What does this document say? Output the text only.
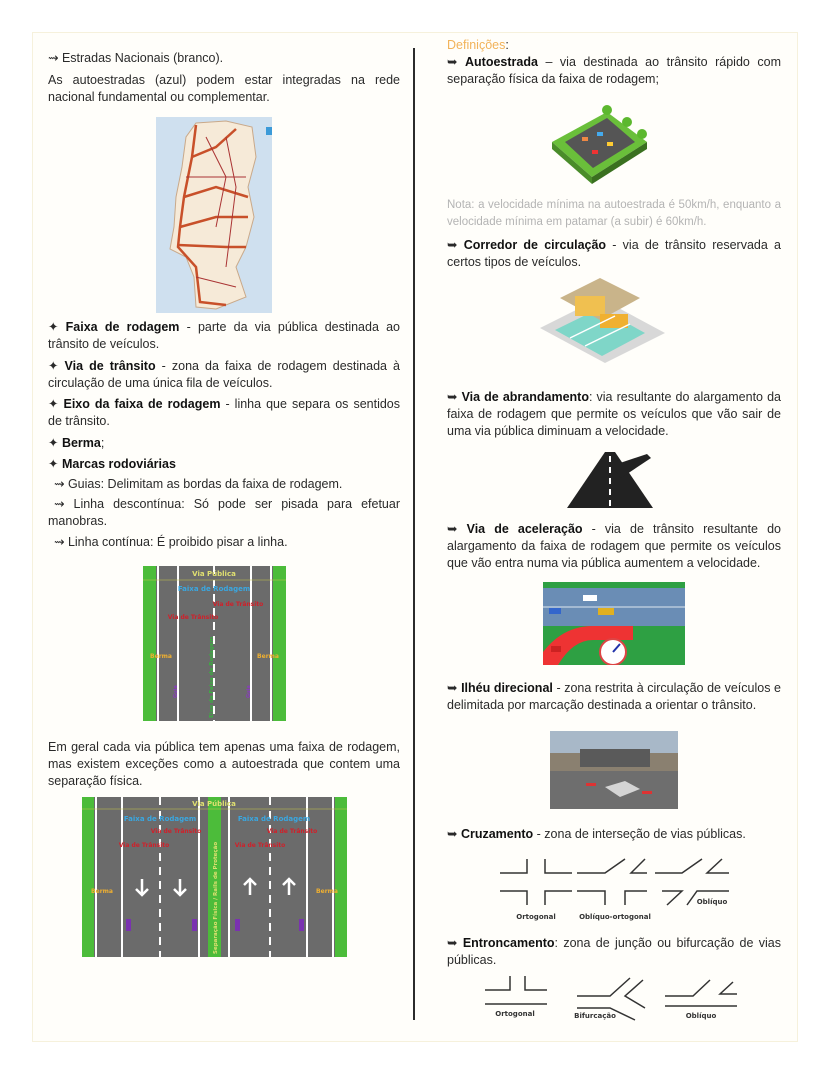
⇝ Estradas Nacionais (branco).
As autoestradas (azul) podem estar integradas na rede nacional fundamental ou complementar.
✦ Faixa de rodagem - parte da via pública destinada ao trânsito de veículos.
✦ Via de trânsito - zona da faixa de rodagem destinada à circulação de uma única fila de veículos.
✦ Eixo da faixa de rodagem - linha que separa os sentidos de trânsito.
✦ Berma;
✦ Marcas rodoviárias
⇝ Guias: Delimitam as bordas da faixa de rodagem.
⇝ Linha descontínua: Só pode ser pisada para efetuar manobras.
⇝ Linha contínua: É proibido pisar a linha.
Via Pública
Faixa de Rodagem
Via de Trânsito
Via de Trânsito
Berma	Berma
Eixo da Faixa de Rodagem
Guia	Guia
Em geral cada via pública tem apenas uma faixa de rodagem, mas existem exceções como a autoestrada que contem uma separação física.
Via Pública
Faixa de Rodagem	Faixa de Rodagem
Via de Trânsito
Via de Trânsito
Via de Trânsito
Via de Trânsito
Berma	Berma
Separação Física / Rails de Proteção
Definições:
➥ Autoestrada – via destinada ao trânsito rápido com separação física da faixa de rodagem;
Nota: a velocidade mínima na autoestrada é 50km/h, enquanto a velocidade mínima em patamar (a subir) é 60km/h.
➥ Corredor de circulação - via de trânsito reservada a certos tipos de veículos.
➥ Via de abrandamento: via resultante do alargamento da faixa de rodagem que permite os veículos que vão sair de uma via pública diminuam a velocidade.
➥ Via de aceleração - via de trânsito resultante do alargamento da faixa de rodagem que permite os veículos que vão entra numa via pública aumentem a velocidade.
➥ Ilhéu direcional - zona restrita à circulação de veículos e delimitada por marcação destinada a orientar o trânsito.
➥ Cruzamento - zona de interseção de vias públicas.
Ortogonal	Oblíquo-ortogonal
Oblíquo
➥ Entroncamento: zona de junção ou bifurcação de vias públicas.
Ortogonal	Bifurcação	Oblíquo
